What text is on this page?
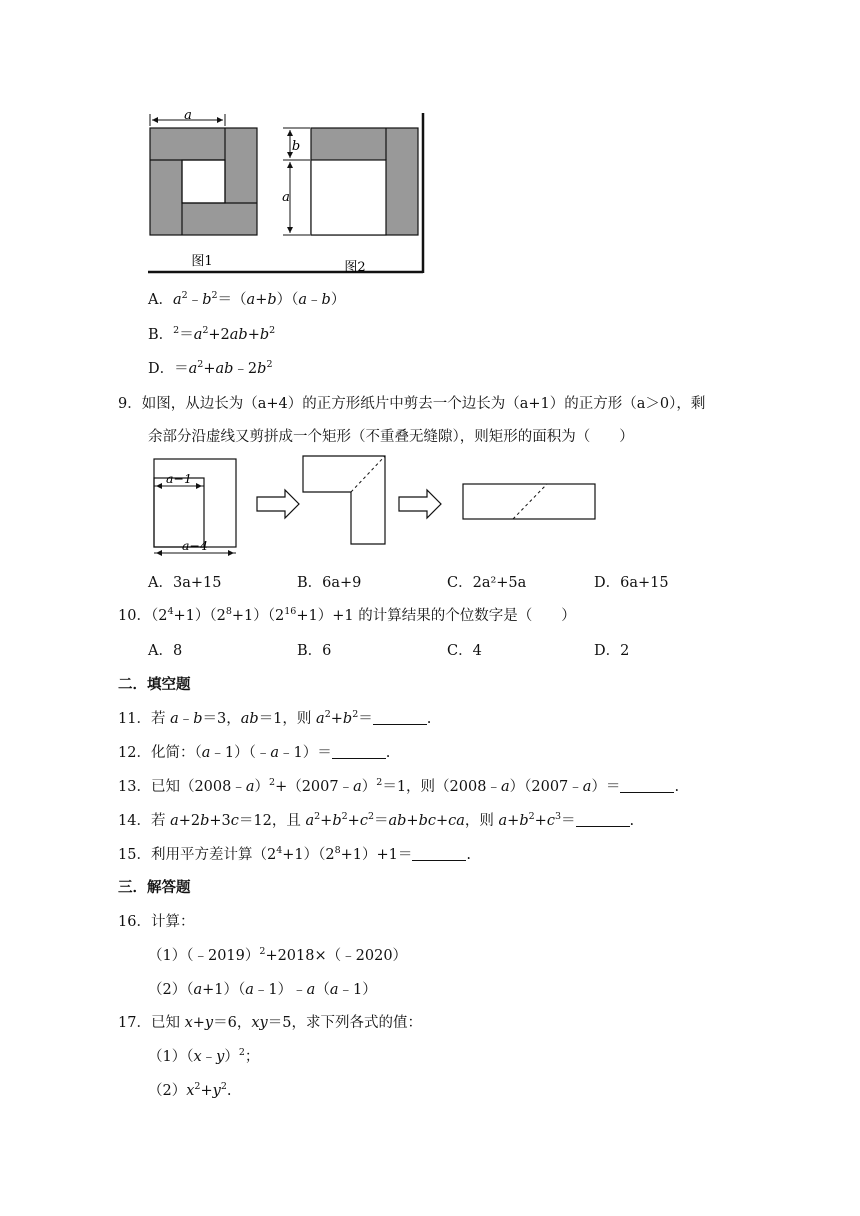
a
图1
b
a
图2
A．$a^2﹣b^2=(a+b)(a﹣b)$
B．$^2=a^2+2ab+b^2$
D．$=a^2+ab﹣2b^2$
9．如图，从边长为（a+4）的正方形纸片中剪去一个边长为（a+1）的正方形（a＞0），剩
余部分沿虚线又剪拼成一个矩形（不重叠无缝隙），则矩形的面积为（　　）
a−1
a−4
A．3a+15	B．6a+9	C．2a²+5a	D．6a+15
10．$(2^4+1)(2^8+1)(2^{16}+1)+1$ 的计算结果的个位数字是（　　）
A．8	B．6	C．4	D．2
二．填空题
11．若 a﹣b＝3，ab＝1，则 $a^2+b^2=$	.
12．化简：（a﹣1）（﹣a﹣1）＝	.
13．已知（2008﹣a）$^2$+（2007﹣a）$^2$＝1，则（2008﹣a）（2007﹣a）＝	.
14．若 a+2b+3c＝12，且 $a^2+b^2+c^2=ab+bc+ca$，则 $a+b^2+c^3=$	.
15．利用平方差计算$(2^4+1)(2^8+1)+1=$	.
三．解答题
16．计算：
（1）（﹣2019）$^2$+2018×（﹣2020）
（2）（a+1）（a﹣1）﹣a（a﹣1）
17．已知 x+y＝6，xy＝5，求下列各式的值：
（1）（x﹣y）$^2$；
$(2)x^2+y^2$.
